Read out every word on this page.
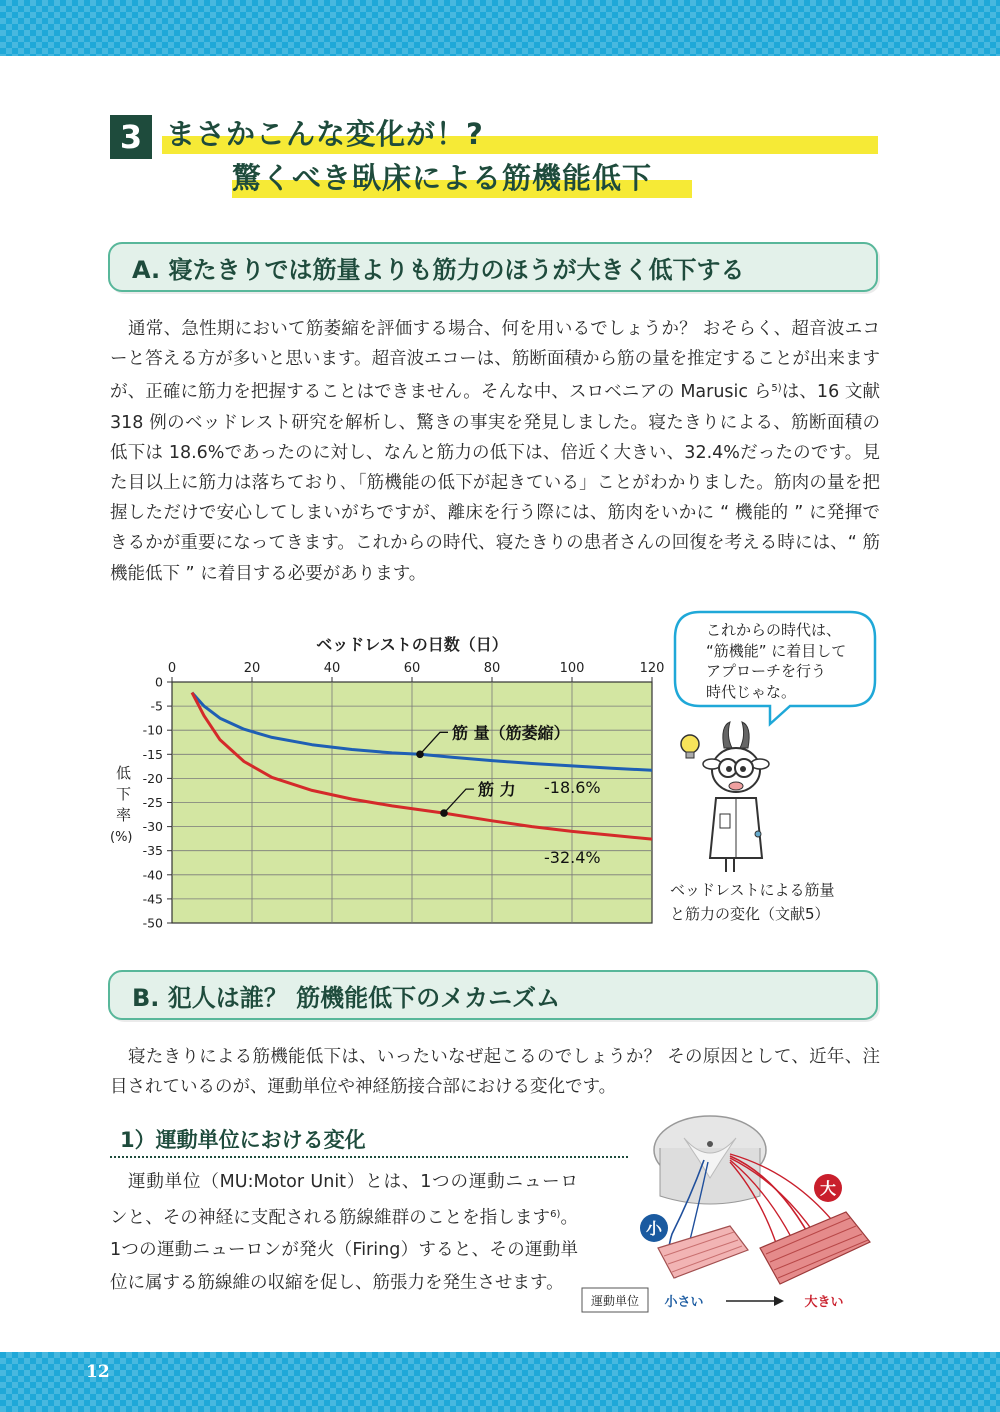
12
3 まさかこんな変化が！?
驚くべき臥床による筋機能低下
A. 寝たきりでは筋量よりも筋力のほうが大きく低下する
通常、急性期において筋萎縮を評価する場合、何を用いるでしょうか？ おそらく、超音波エコーと答える方が多いと思います。超音波エコーは、筋断面積から筋の量を推定することが出来ますが、正確に筋力を把握することはできません。そんな中、スロベニアの Marusic ら$^{5)}$は、16 文献 318 例のベッドレスト研究を解析し、驚きの事実を発見しました。寝たきりによる、筋断面積の低下は 18.6%であったのに対し、なんと筋力の低下は、倍近く大きい、32.4%だったのです。見た目以上に筋力は落ちており､「筋機能の低下が起きている」ことがわかりました。筋肉の量を把握しただけで安心してしまいがちですが、離床を行う際には、筋肉をいかに “ 機能的 ” に発揮できるかが重要になってきます。これからの時代、寝たきりの患者さんの回復を考える時には、“ 筋機能低下 ” に着目する必要があります。
0	20	40	60	80	100	120
0
-5
-10
-15
-20
-25
-30
-35
-40
-45
-50
筋 量（筋萎縮）
-18.6%
筋 力
-32.4%
ベッドレストの日数（日）
低
下
率
(%)
これからの時代は、
“筋機能” に着目して
アプローチを行う
時代じゃな。
ベッドレストによる筋量
と筋力の変化（文献5）
B. 犯人は誰？ 筋機能低下のメカニズム
寝たきりによる筋機能低下は、いったいなぜ起こるのでしょうか？ その原因として、近年、注目されているのが、運動単位や神経筋接合部における変化です。
1）運動単位における変化
運動単位（MU:Motor Unit）とは、1つの運動ニューロンと、その神経に支配される筋線維群のことを指します$^{6)}$。1つの運動ニューロンが発火（Firing）すると、その運動単位に属する筋線維の収縮を促し、筋張力を発生させます。
小
大
運動単位 小さい	大きい
